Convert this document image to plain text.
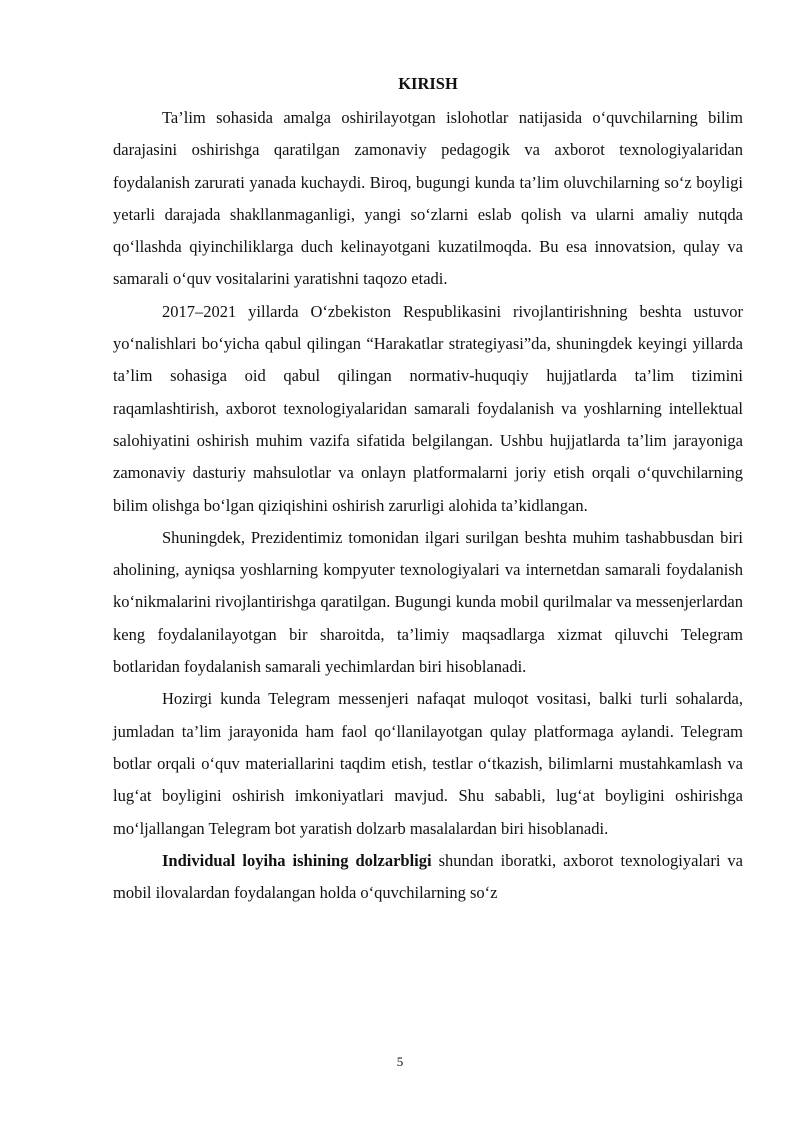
KIRISH

Ta’lim sohasida amalga oshirilayotgan islohotlar natijasida o‘quvchilarning bilim darajasini oshirishga qaratilgan zamonaviy pedagogik va axborot texnologiyalaridan foydalanish zarurati yanada kuchaydi. Biroq, bugungi kunda ta’lim oluvchilarning so‘z boyligi yetarli darajada shakllanmaganligi, yangi so‘zlarni eslab qolish va ularni amaliy nutqda qo‘llashda qiyinchiliklarga duch kelinayotgani kuzatilmoqda. Bu esa innovatsion, qulay va samarali o‘quv vositalarini yaratishni taqozo etadi.

2017–2021 yillarda O‘zbekiston Respublikasini rivojlantirishning beshta ustuvor yo‘nalishlari bo‘yicha qabul qilingan “Harakatlar strategiyasi”da, shuningdek keyingi yillarda ta’lim sohasiga oid qabul qilingan normativ-huquqiy hujjatlarda ta’lim tizimini raqamlashtirish, axborot texnologiyalaridan samarali foydalanish va yoshlarning intellektual salohiyatini oshirish muhim vazifa sifatida belgilangan. Ushbu hujjatlarda ta’lim jarayoniga zamonaviy dasturiy mahsulotlar va onlayn platformalarni joriy etish orqali o‘quvchilarning bilim olishga bo‘lgan qiziqishini oshirish zarurligi alohida ta’kidlangan.

Shuningdek, Prezidentimiz tomonidan ilgari surilgan beshta muhim tashabbusdan biri aholining, ayniqsa yoshlarning kompyuter texnologiyalari va internetdan samarali foydalanish ko‘nikmalarini rivojlantirishga qaratilgan. Bugungi kunda mobil qurilmalar va messenjerlardan keng foydalanilayotgan bir sharoitda, ta’limiy maqsadlarga xizmat qiluvchi Telegram botlaridan foydalanish samarali yechimlardan biri hisoblanadi.

Hozirgi kunda Telegram messenjeri nafaqat muloqot vositasi, balki turli sohalarda, jumladan ta’lim jarayonida ham faol qo‘llanilayotgan qulay platformaga aylandi. Telegram botlar orqali o‘quv materiallarini taqdim etish, testlar o‘tkazish, bilimlarni mustahkamlash va lug‘at boyligini oshirish imkoniyatlari mavjud. Shu sababli, lug‘at boyligini oshirishga mo‘ljallangan Telegram bot yaratish dolzarb masalalardan biri hisoblanadi.

Individual loyiha ishining dolzarbligi shundan iboratki, axborot texnologiyalari va mobil ilovalardan foydalangan holda o‘quvchilarning so‘z

5
